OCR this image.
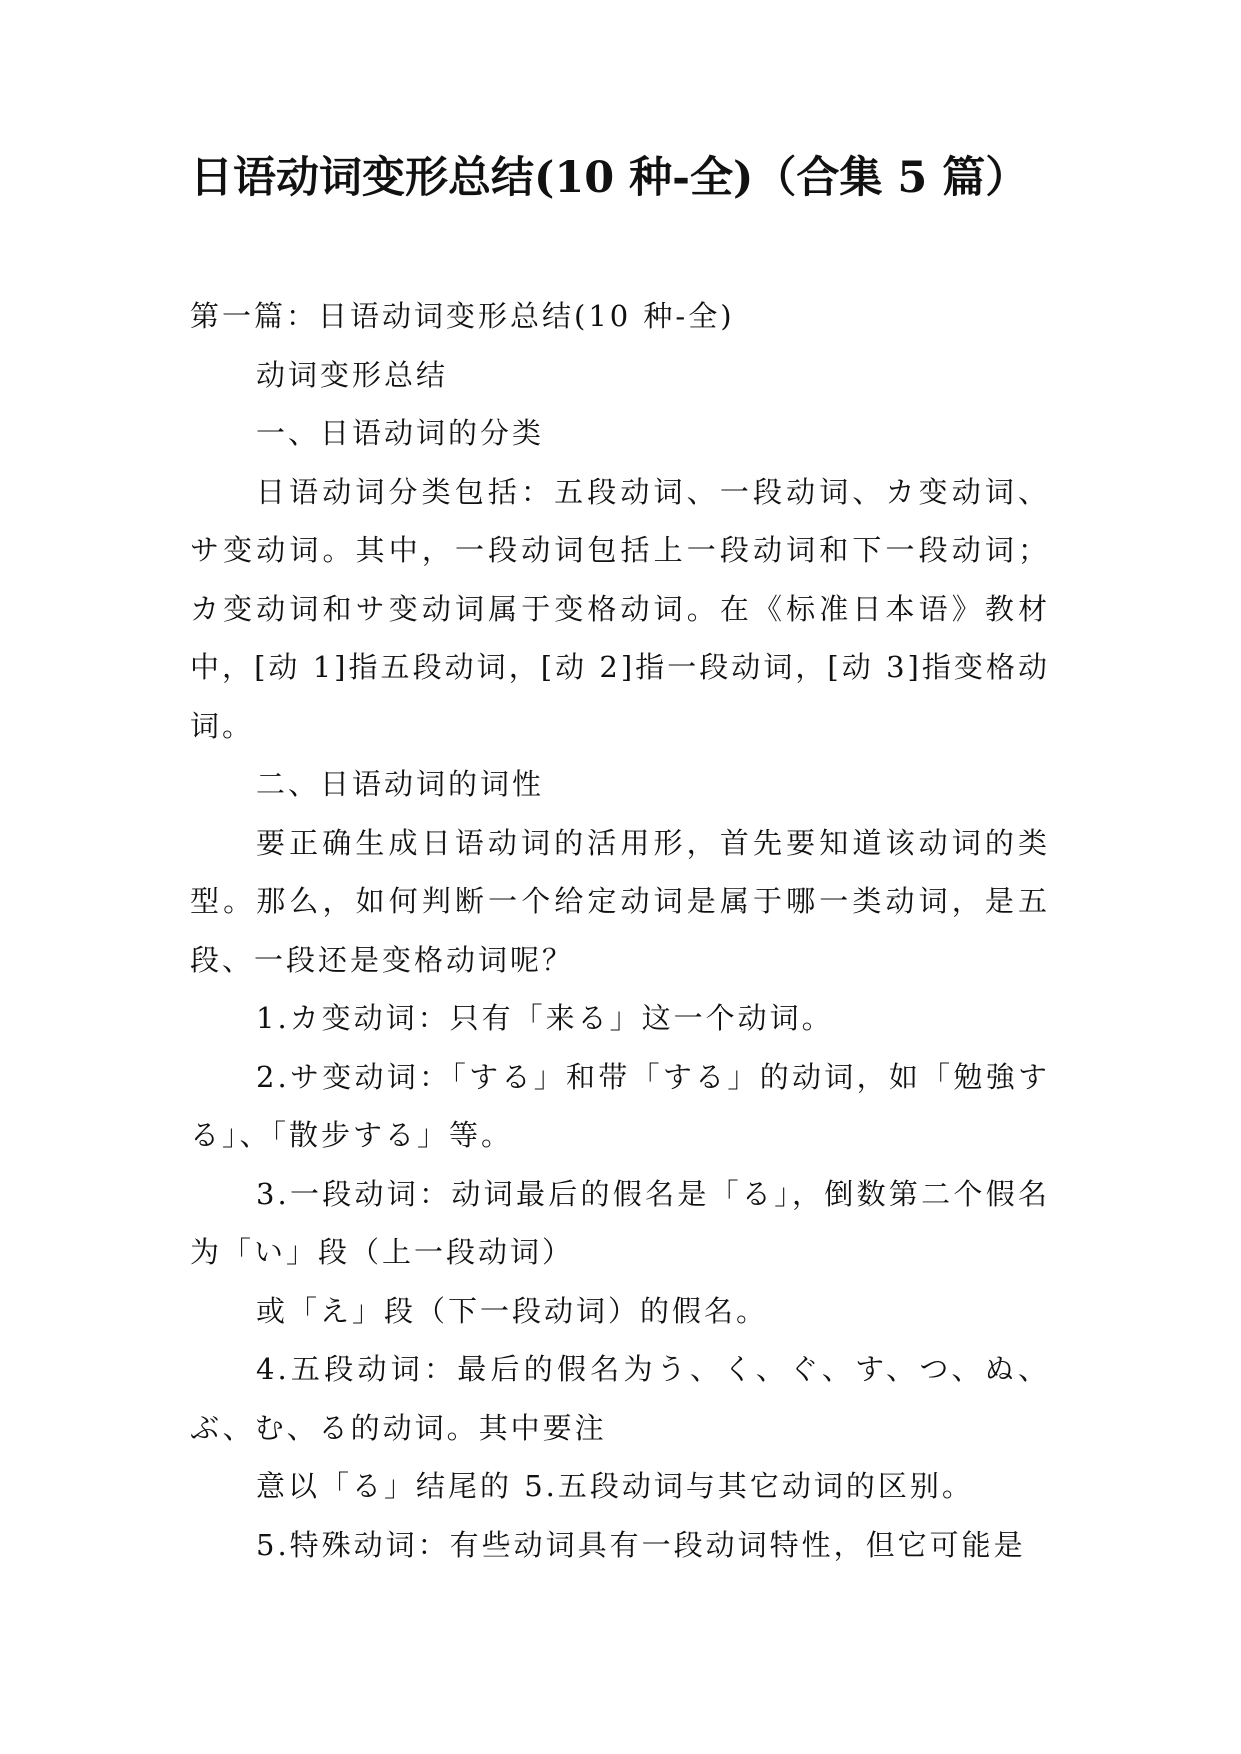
日语动词变形总结(10 种-全)（合集 5 篇）

第一篇：日语动词变形总结(10 种-全)

动词变形总结

一、日语动词的分类

日语动词分类包括：五段动词、一段动词、カ变动词、サ变动词。其中，一段动词包括上一段动词和下一段动词；カ变动词和サ变动词属于变格动词。在《标准日本语》教材中，[动 1]指五段动词，[动 2]指一段动词，[动 3]指变格动词。

二、日语动词的词性

要正确生成日语动词的活用形，首先要知道该动词的类型。那么，如何判断一个给定动词是属于哪一类动词，是五段、一段还是变格动词呢？

1.カ变动词：只有「来る」这一个动词。

2.サ变动词：「する」和带「する」的动词，如「勉強する」、「散步する」等。

3.一段动词：动词最后的假名是「る」，倒数第二个假名为「い」段（上一段动词）

或「え」段（下一段动词）的假名。

4.五段动词：最后的假名为う、く、ぐ、す、つ、ぬ、ぶ、む、る的动词。其中要注

意以「る」结尾的 5.五段动词与其它动词的区别。

5.特殊动词：有些动词具有一段动词特性，但它可能是
